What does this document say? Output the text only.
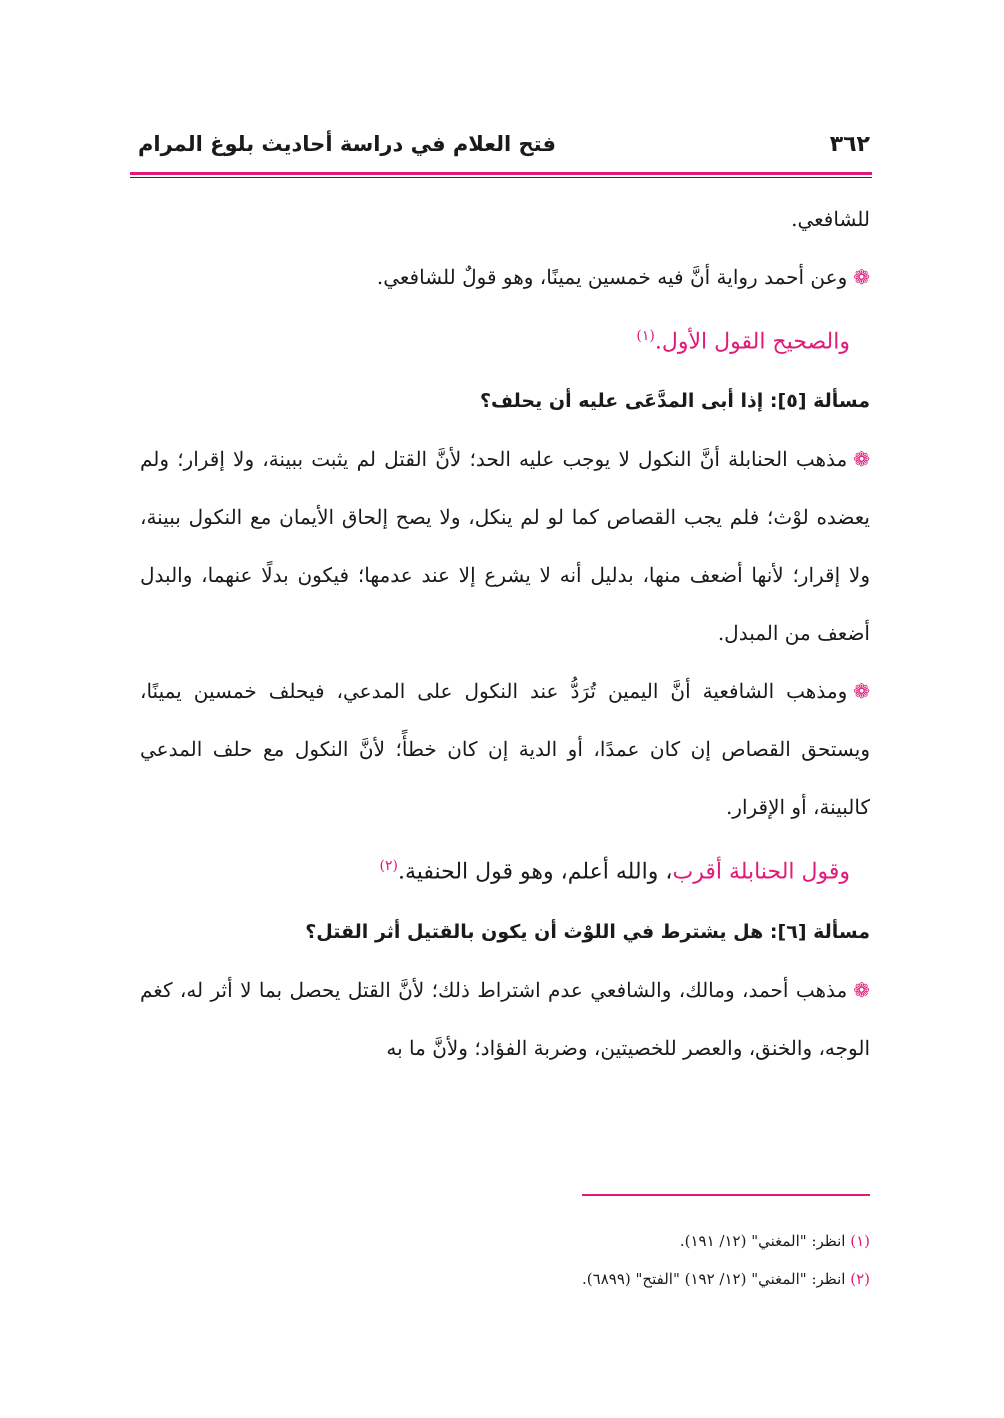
٣٦٢
فتح العلام في دراسة أحاديث بلوغ المرام

للشافعي.

❁وعن أحمد رواية أنَّ فيه خمسين يمينًا، وهو قولٌ للشافعي.

والصحيح القول الأول.$^{(١)}$

مسألة [٥]: إذا أبى المدَّعَى عليه أن يحلف؟

❁مذهب الحنابلة أنَّ النكول لا يوجب عليه الحد؛ لأنَّ القتل لم يثبت ببينة، ولا إقرار؛ ولم يعضده لوْث؛ فلم يجب القصاص كما لو لم ينكل، ولا يصح إلحاق الأيمان مع النكول ببينة، ولا إقرار؛ لأنها أضعف منها، بدليل أنه لا يشرع إلا عند عدمها؛ فيكون بدلًا عنهما، والبدل أضعف من المبدل.

❁ومذهب الشافعية أنَّ اليمين تُرَدُّ عند النكول على المدعي، فيحلف خمسين يمينًا، ويستحق القصاص إن كان عمدًا، أو الدية إن كان خطأً؛ لأنَّ النكول مع حلف المدعي كالبينة، أو الإقرار.

وقول الحنابلة أقرب، والله أعلم، وهو قول الحنفية.$^{(٢)}$

مسألة [٦]: هل يشترط في اللوْث أن يكون بالقتيل أثر القتل؟

❁مذهب أحمد، ومالك، والشافعي عدم اشتراط ذلك؛ لأنَّ القتل يحصل بما لا أثر له، كغم الوجه، والخنق، والعصر للخصيتين، وضربة الفؤاد؛ ولأنَّ ما به

(١) انظر: "المغني" (١٢/ ١٩١).

(٢) انظر: "المغني" (١٢/ ١٩٢) "الفتح" (٦٨٩٩).
